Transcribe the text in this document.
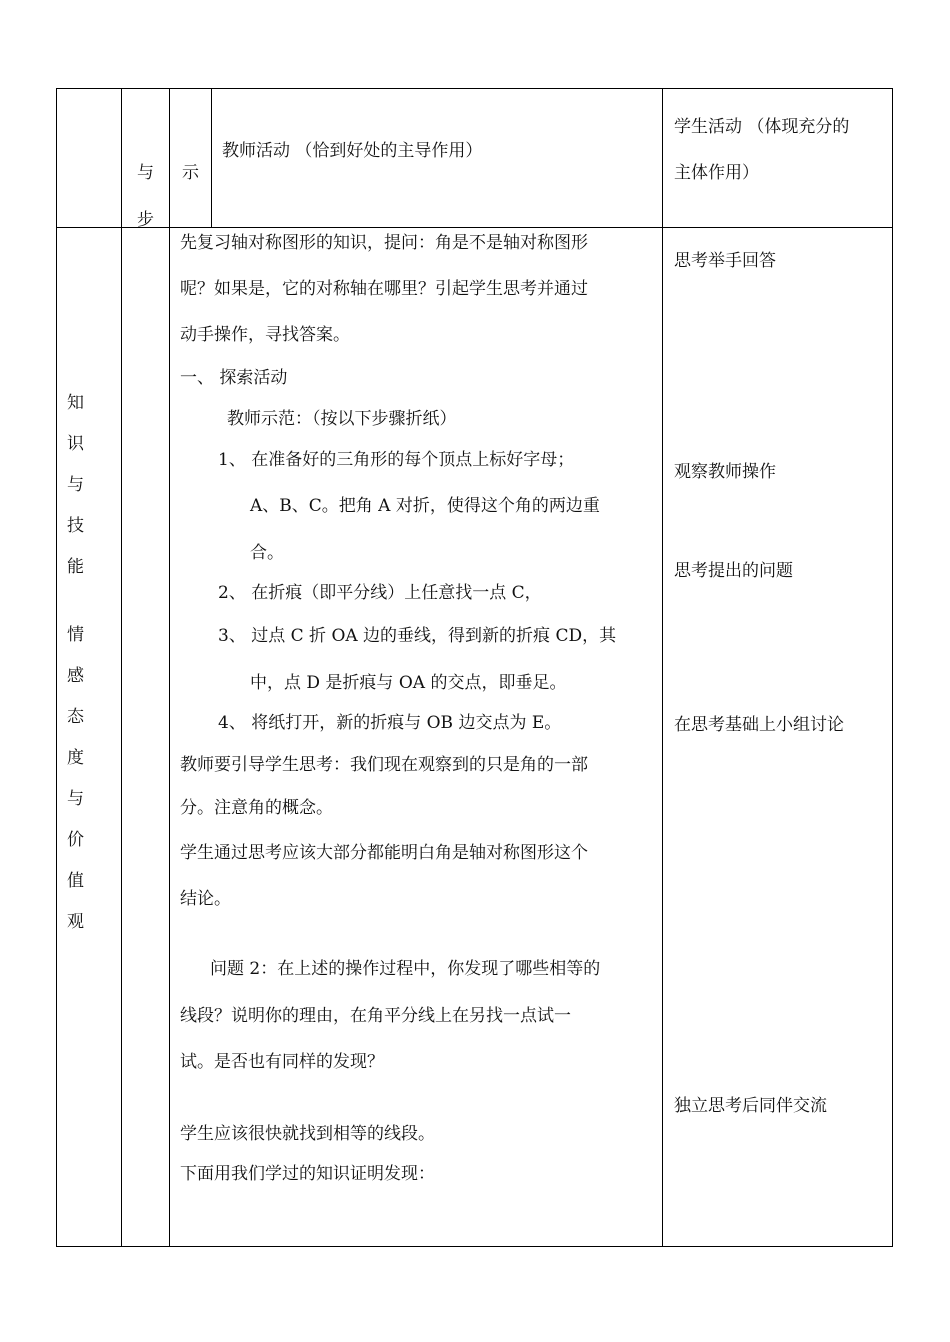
与
步
示
教师活动 （恰到好处的主导作用）
学生活动 （体现充分的
主体作用）
知
识
与
技
能
情
感
态
度
与
价
值
观
先复习轴对称图形的知识，提问：角是不是轴对称图形
呢？如果是，它的对称轴在哪里？引起学生思考并通过
动手操作，寻找答案。
一、 探索活动
教师示范：（按以下步骤折纸）
1、 在准备好的三角形的每个顶点上标好字母；
A、B、C。把角 A 对折，使得这个角的两边重
合。
2、 在折痕（即平分线）上任意找一点 C，
3、 过点 C 折 OA 边的垂线，得到新的折痕 CD，其
中，点 D 是折痕与 OA 的交点，即垂足。
4、 将纸打开，新的折痕与 OB 边交点为 E。
教师要引导学生思考：我们现在观察到的只是角的一部
分。注意角的概念。
学生通过思考应该大部分都能明白角是轴对称图形这个
结论。
问题 2：在上述的操作过程中，你发现了哪些相等的
线段？说明你的理由，在角平分线上在另找一点试一
试。是否也有同样的发现？
学生应该很快就找到相等的线段。
下面用我们学过的知识证明发现：
思考举手回答
观察教师操作
思考提出的问题
在思考基础上小组讨论
独立思考后同伴交流
